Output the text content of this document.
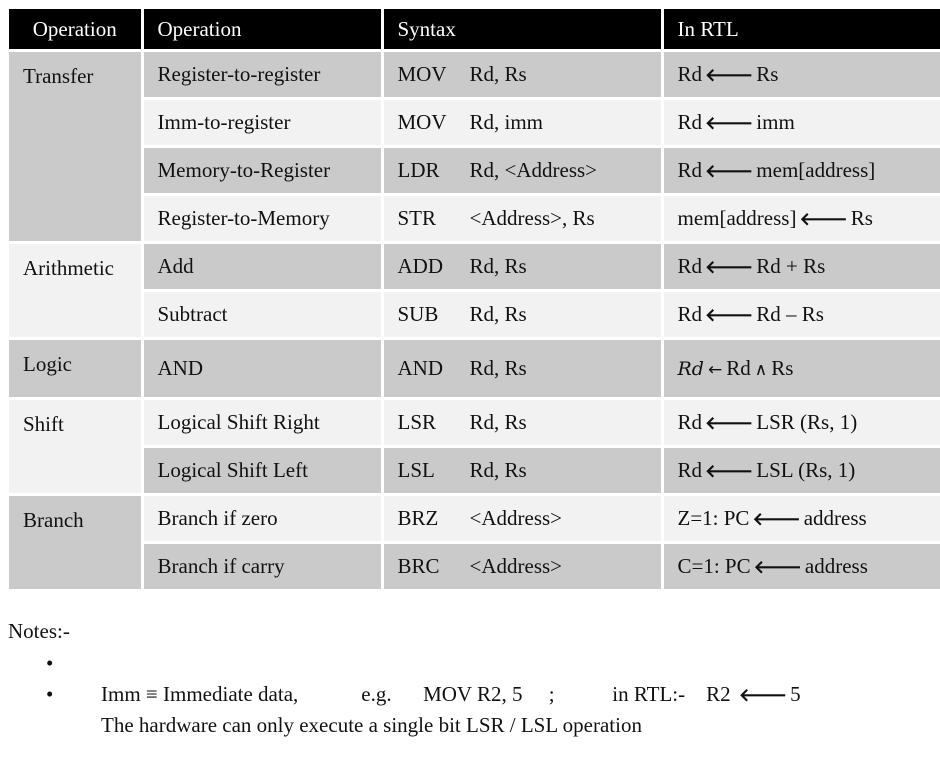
Operation	Operation	Syntax	In RTL
Transfer	Register-to-register	MOV Rd, Rs	Rd 🡐 Rs
	Imm-to-register	MOV Rd, imm	Rd 🡐 imm
	Memory-to-Register	LDR Rd, <Address>	Rd 🡐 mem[address]
	Register-to-Memory	STR <Address>, Rs	mem[address] 🡐 Rs
Arithmetic	Add	ADD Rd, Rs	Rd 🡐 Rd + Rs
	Subtract	SUB Rd, Rs	Rd 🡐 Rd – Rs
Logic	AND	AND Rd, Rs	Rd ← Rd ∧ Rs
Shift	Logical Shift Right	LSR Rd, Rs	Rd 🡐 LSR (Rs, 1)
	Logical Shift Left	LSL Rd, Rs	Rd 🡐 LSL (Rs, 1)
Branch	Branch if zero	BRZ <Address>	Z=1: PC 🡐 address
	Branch if carry	BRC <Address>	C=1: PC 🡐 address
Notes:-

•
Imm ≡ Immediate data,            e.g.      MOV R2, 5     ;           in RTL:-    R2 🡐 5

•
The hardware can only execute a single bit LSR / LSL operation
